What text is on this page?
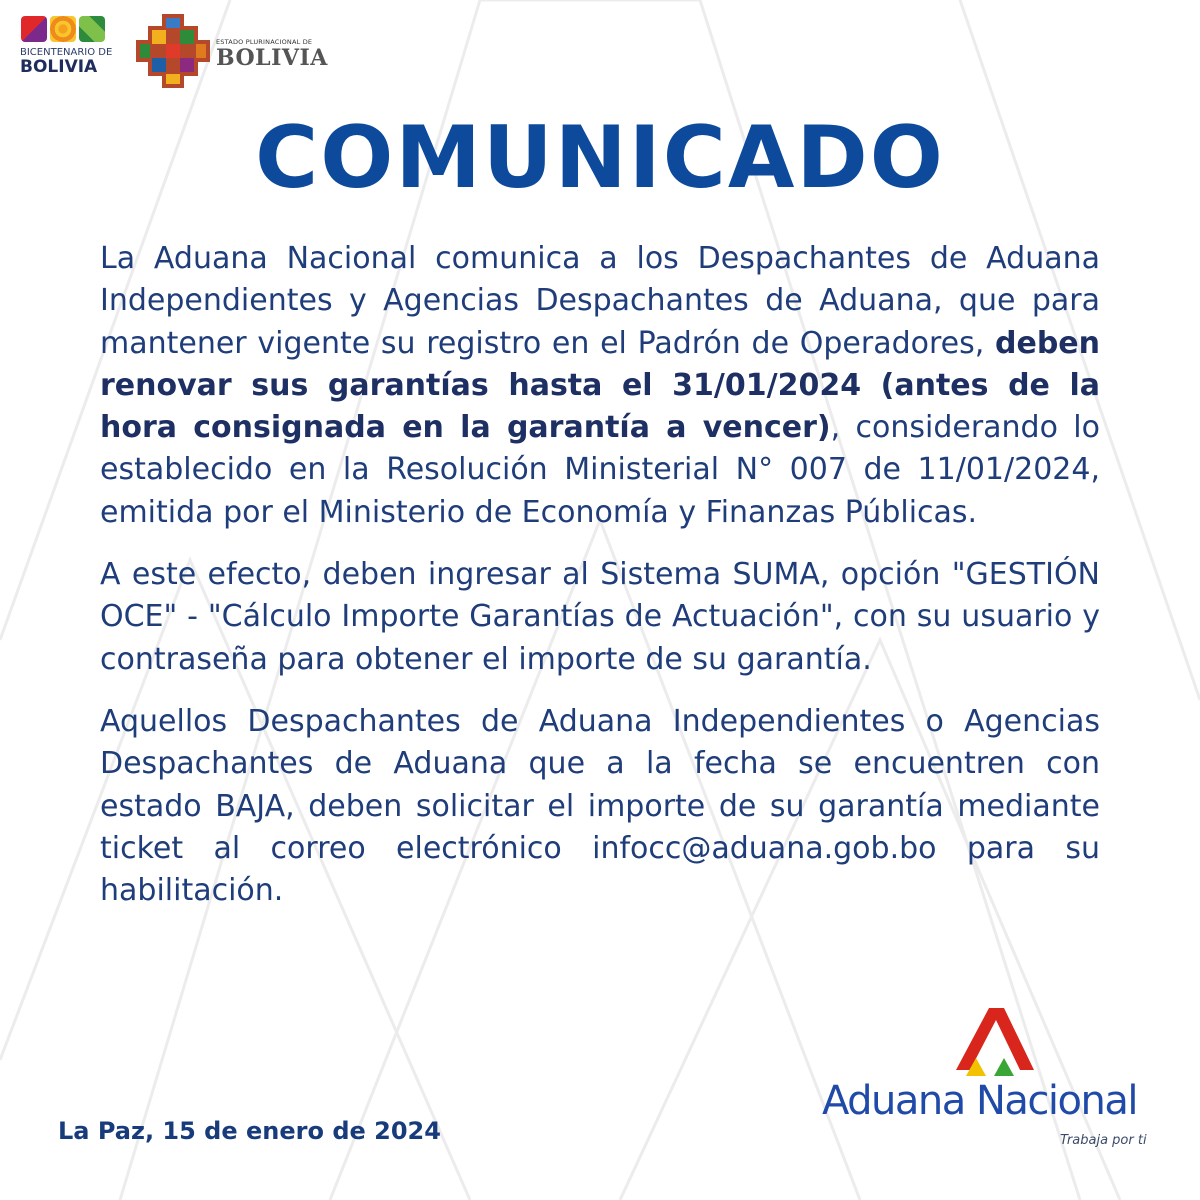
BICENTENARIO DE
BOLIVIA
ESTADO PLURINACIONAL DE
BOLIVIA
COMUNICADO

La Aduana Nacional comunica a los Despachantes de Aduana Independientes y Agencias Despachantes de Aduana, que para mantener vigente su registro en el Padrón de Operadores, deben renovar sus garantías hasta el 31/01/2024 (antes de la hora consignada en la garantía a vencer), considerando lo establecido en la Resolución Ministerial N° 007 de 11/01/2024, emitida por el Ministerio de Economía y Finanzas Públicas.

A este efecto, deben ingresar al Sistema SUMA, opción "GESTIÓN OCE" - "Cálculo Importe Garantías de Actuación", con su usuario y contraseña para obtener el importe de su garantía.

Aquellos Despachantes de Aduana Independientes o Agencias Despachantes de Aduana que a la fecha se encuentren con estado BAJA, deben solicitar el importe de su garantía mediante ticket al correo electrónico infocc@aduana.gob.bo para su habilitación.

La Paz, 15 de enero de 2024
Aduana Nacional
Trabaja por ti
